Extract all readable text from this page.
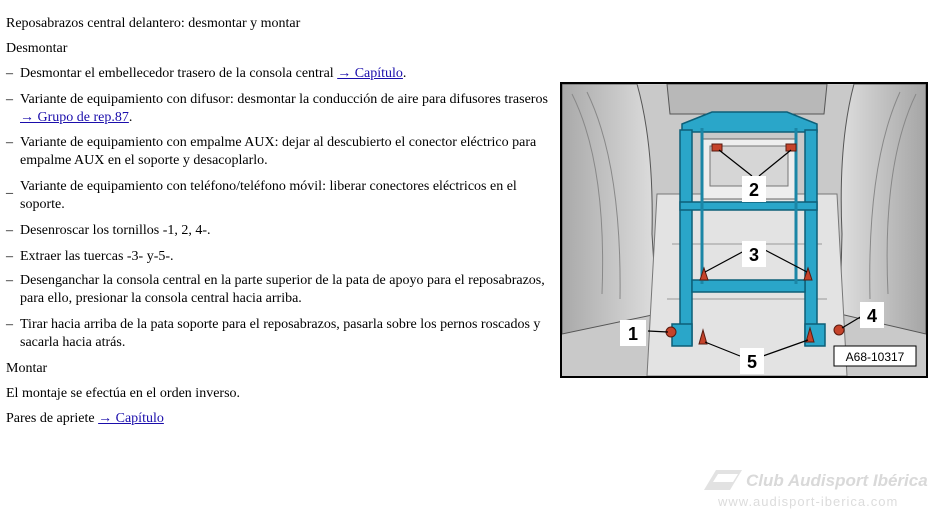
Reposabrazos central delantero: desmontar y montar
Desmontar
– Desmontar el embellecedor trasero de la consola central → Capítulo.
– Variante de equipamiento con difusor: desmontar la conducción de aire para difusores traseros → Grupo de rep.87.
– Variante de equipamiento con empalme AUX: dejar al descubierto el conector eléctrico para empalme AUX en el soporte y desacoplarlo.
_ Variante de equipamiento con teléfono/teléfono móvil: liberar conectores eléctricos en el soporte.
– Desenroscar los tornillos -1, 2, 4-.
– Extraer las tuercas -3- y-5-.
– Desenganchar la consola central en la parte superior de la pata de apoyo para el reposabrazos, para ello, presionar la consola central hacia arriba.
– Tirar hacia arriba de la pata soporte para el reposabrazos, pasarla sobre los pernos roscados y sacarla hacia atrás.
Montar
El montaje se efectúa en el orden inverso.
Pares de apriete → Capítulo
2
3
1
4
5	A68-10317
Club Audisport Ibérica
www.audisport-iberica.com
